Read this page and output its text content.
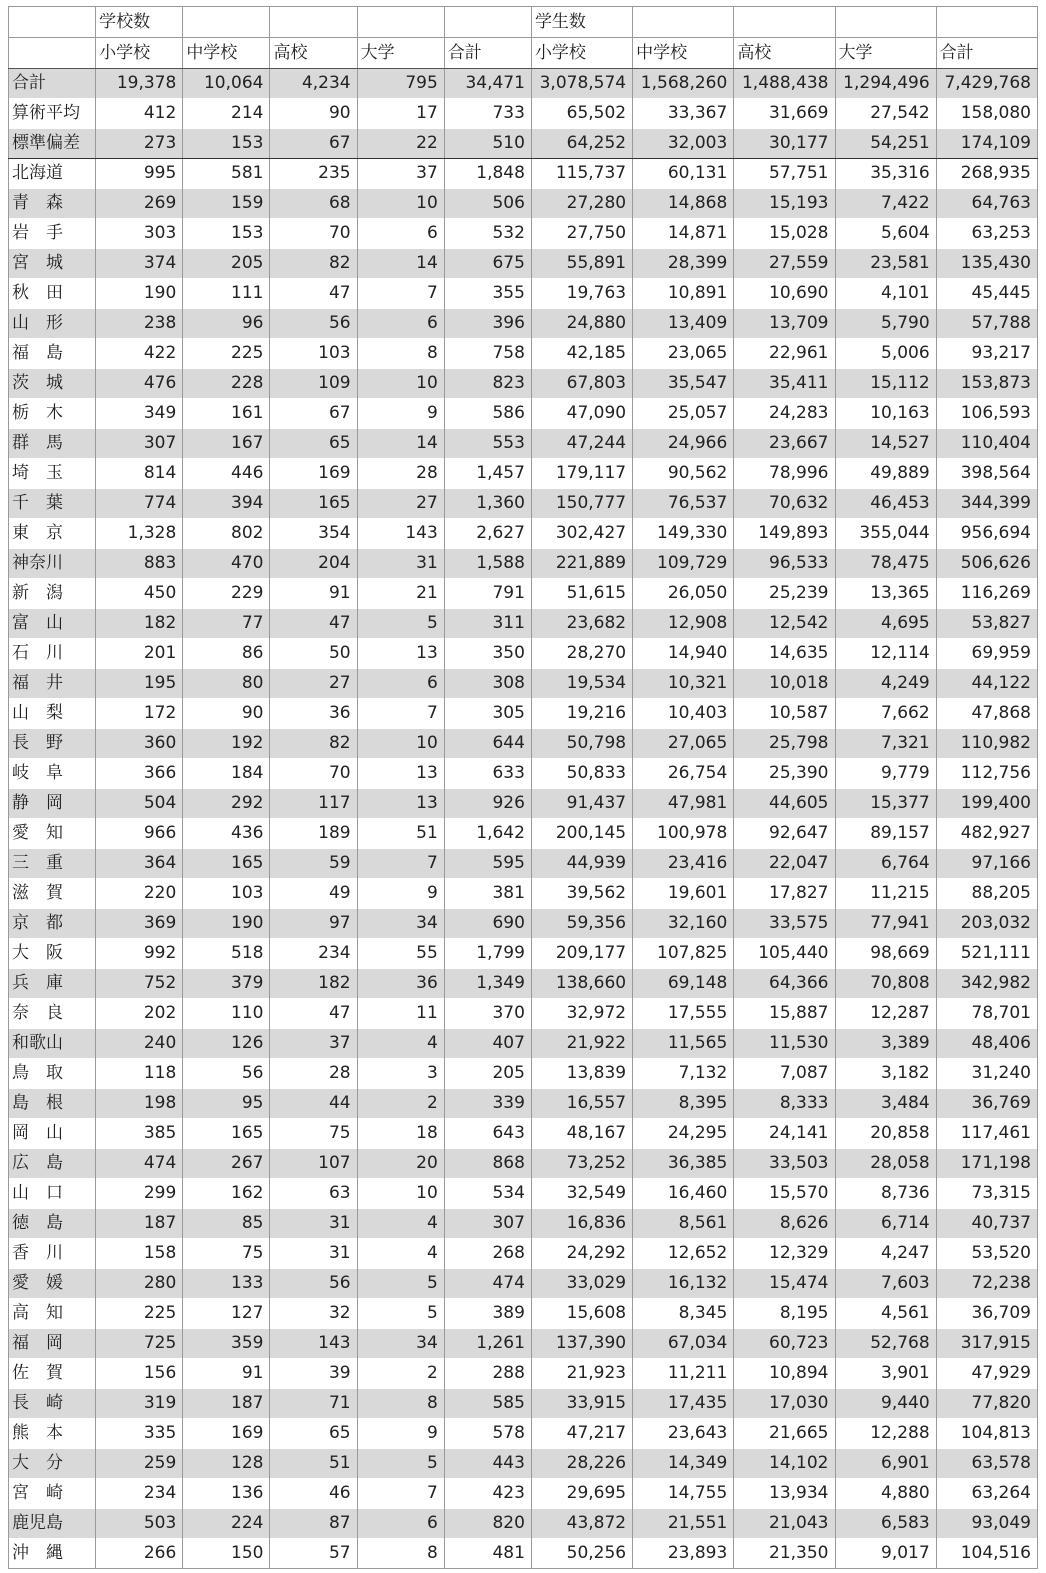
	学校数					学生数				
	小学校	中学校	高校	大学	合計	小学校	中学校	高校	大学	合計
合計	19,378	10,064	4,234	795	34,471	3,078,574	1,568,260	1,488,438	1,294,496	7,429,768
算術平均	412	214	90	17	733	65,502	33,367	31,669	27,542	158,080
標準偏差	273	153	67	22	510	64,252	32,003	30,177	54,251	174,109
北海道	995	581	235	37	1,848	115,737	60,131	57,751	35,316	268,935
青　森	269	159	68	10	506	27,280	14,868	15,193	7,422	64,763
岩　手	303	153	70	6	532	27,750	14,871	15,028	5,604	63,253
宮　城	374	205	82	14	675	55,891	28,399	27,559	23,581	135,430
秋　田	190	111	47	7	355	19,763	10,891	10,690	4,101	45,445
山　形	238	96	56	6	396	24,880	13,409	13,709	5,790	57,788
福　島	422	225	103	8	758	42,185	23,065	22,961	5,006	93,217
茨　城	476	228	109	10	823	67,803	35,547	35,411	15,112	153,873
栃　木	349	161	67	9	586	47,090	25,057	24,283	10,163	106,593
群　馬	307	167	65	14	553	47,244	24,966	23,667	14,527	110,404
埼　玉	814	446	169	28	1,457	179,117	90,562	78,996	49,889	398,564
千　葉	774	394	165	27	1,360	150,777	76,537	70,632	46,453	344,399
東　京	1,328	802	354	143	2,627	302,427	149,330	149,893	355,044	956,694
神奈川	883	470	204	31	1,588	221,889	109,729	96,533	78,475	506,626
新　潟	450	229	91	21	791	51,615	26,050	25,239	13,365	116,269
富　山	182	77	47	5	311	23,682	12,908	12,542	4,695	53,827
石　川	201	86	50	13	350	28,270	14,940	14,635	12,114	69,959
福　井	195	80	27	6	308	19,534	10,321	10,018	4,249	44,122
山　梨	172	90	36	7	305	19,216	10,403	10,587	7,662	47,868
長　野	360	192	82	10	644	50,798	27,065	25,798	7,321	110,982
岐　阜	366	184	70	13	633	50,833	26,754	25,390	9,779	112,756
静　岡	504	292	117	13	926	91,437	47,981	44,605	15,377	199,400
愛　知	966	436	189	51	1,642	200,145	100,978	92,647	89,157	482,927
三　重	364	165	59	7	595	44,939	23,416	22,047	6,764	97,166
滋　賀	220	103	49	9	381	39,562	19,601	17,827	11,215	88,205
京　都	369	190	97	34	690	59,356	32,160	33,575	77,941	203,032
大　阪	992	518	234	55	1,799	209,177	107,825	105,440	98,669	521,111
兵　庫	752	379	182	36	1,349	138,660	69,148	64,366	70,808	342,982
奈　良	202	110	47	11	370	32,972	17,555	15,887	12,287	78,701
和歌山	240	126	37	4	407	21,922	11,565	11,530	3,389	48,406
鳥　取	118	56	28	3	205	13,839	7,132	7,087	3,182	31,240
島　根	198	95	44	2	339	16,557	8,395	8,333	3,484	36,769
岡　山	385	165	75	18	643	48,167	24,295	24,141	20,858	117,461
広　島	474	267	107	20	868	73,252	36,385	33,503	28,058	171,198
山　口	299	162	63	10	534	32,549	16,460	15,570	8,736	73,315
徳　島	187	85	31	4	307	16,836	8,561	8,626	6,714	40,737
香　川	158	75	31	4	268	24,292	12,652	12,329	4,247	53,520
愛　媛	280	133	56	5	474	33,029	16,132	15,474	7,603	72,238
高　知	225	127	32	5	389	15,608	8,345	8,195	4,561	36,709
福　岡	725	359	143	34	1,261	137,390	67,034	60,723	52,768	317,915
佐　賀	156	91	39	2	288	21,923	11,211	10,894	3,901	47,929
長　崎	319	187	71	8	585	33,915	17,435	17,030	9,440	77,820
熊　本	335	169	65	9	578	47,217	23,643	21,665	12,288	104,813
大　分	259	128	51	5	443	28,226	14,349	14,102	6,901	63,578
宮　崎	234	136	46	7	423	29,695	14,755	13,934	4,880	63,264
鹿児島	503	224	87	6	820	43,872	21,551	21,043	6,583	93,049
沖　縄	266	150	57	8	481	50,256	23,893	21,350	9,017	104,516
